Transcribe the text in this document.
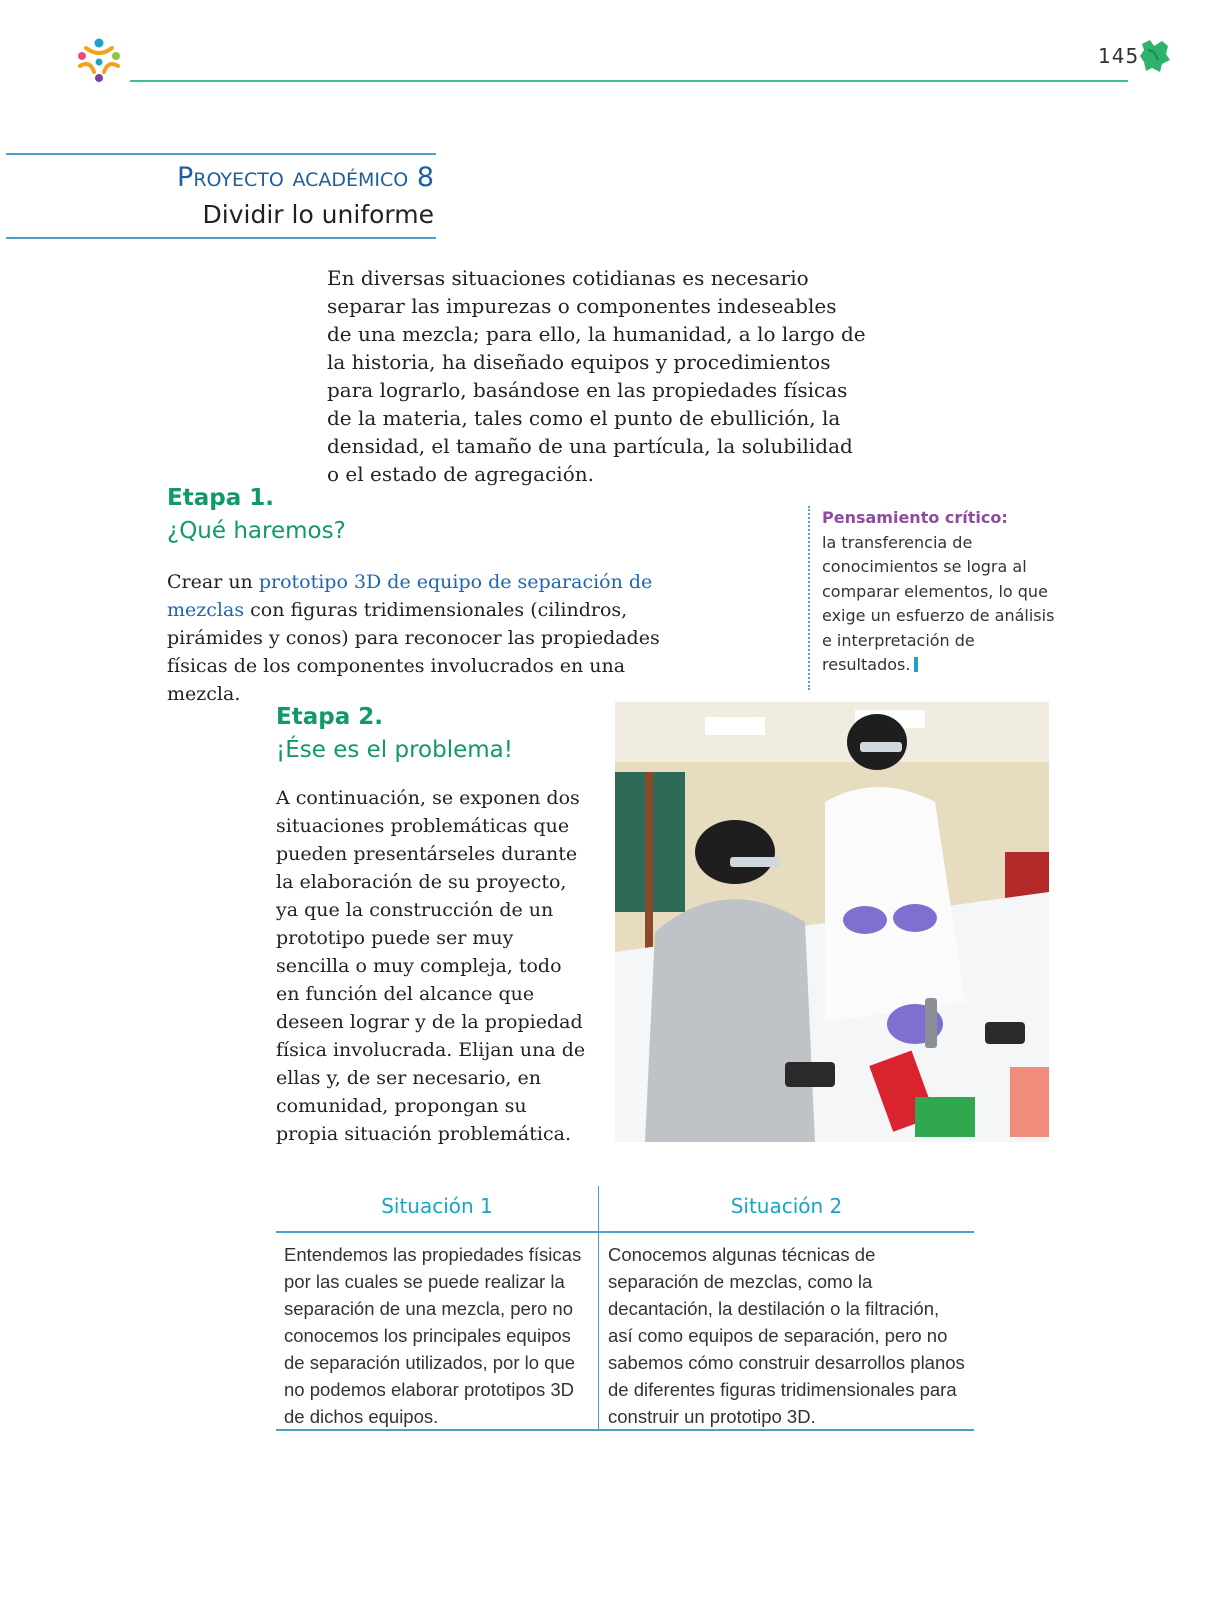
145
Proyecto académico 8
Dividir lo uniforme
En diversas situaciones cotidianas es necesario separar las impurezas o componentes indeseables de una mezcla; para ello, la humanidad, a lo largo de la historia, ha diseñado equipos y procedimientos para lograrlo, basándose en las propiedades físicas de la materia, tales como el punto de ebullición, la densidad, el tamaño de una partícula, la solubilidad o el estado de agregación.
Etapa 1.
¿Qué haremos?
Crear un prototipo 3D de equipo de separación de mezclas con figuras tridimensionales (cilindros, pirámides y conos) para reconocer las propiedades físicas de los componentes involucrados en una mezcla.
Pensamiento crítico:
la transferencia de conocimientos se logra al comparar elementos, lo que exige un esfuerzo de análisis e interpretación de resultados.
Etapa 2.
¡Ése es el problema!
A continuación, se exponen dos situaciones problemáticas que pueden presentárseles durante la elaboración de su proyecto, ya que la construcción de un prototipo puede ser muy sencilla o muy compleja, todo en función del alcance que deseen lograr y de la propiedad física involucrada. Elijan una de ellas y, de ser necesario, en comunidad, propongan su propia situación problemática.
Situación 1	Situación 2
Entendemos las propiedades físicas por las cuales se puede realizar la separación de una mezcla, pero no conocemos los principales equipos de separación utilizados, por lo que no podemos elaborar prototipos 3D de dichos equipos.
Conocemos algunas técnicas de separación de mezclas, como la decantación, la destilación o la filtración, así como equipos de separación, pero no sabemos cómo construir desarrollos planos de diferentes figuras tridimensionales para construir un prototipo 3D.
